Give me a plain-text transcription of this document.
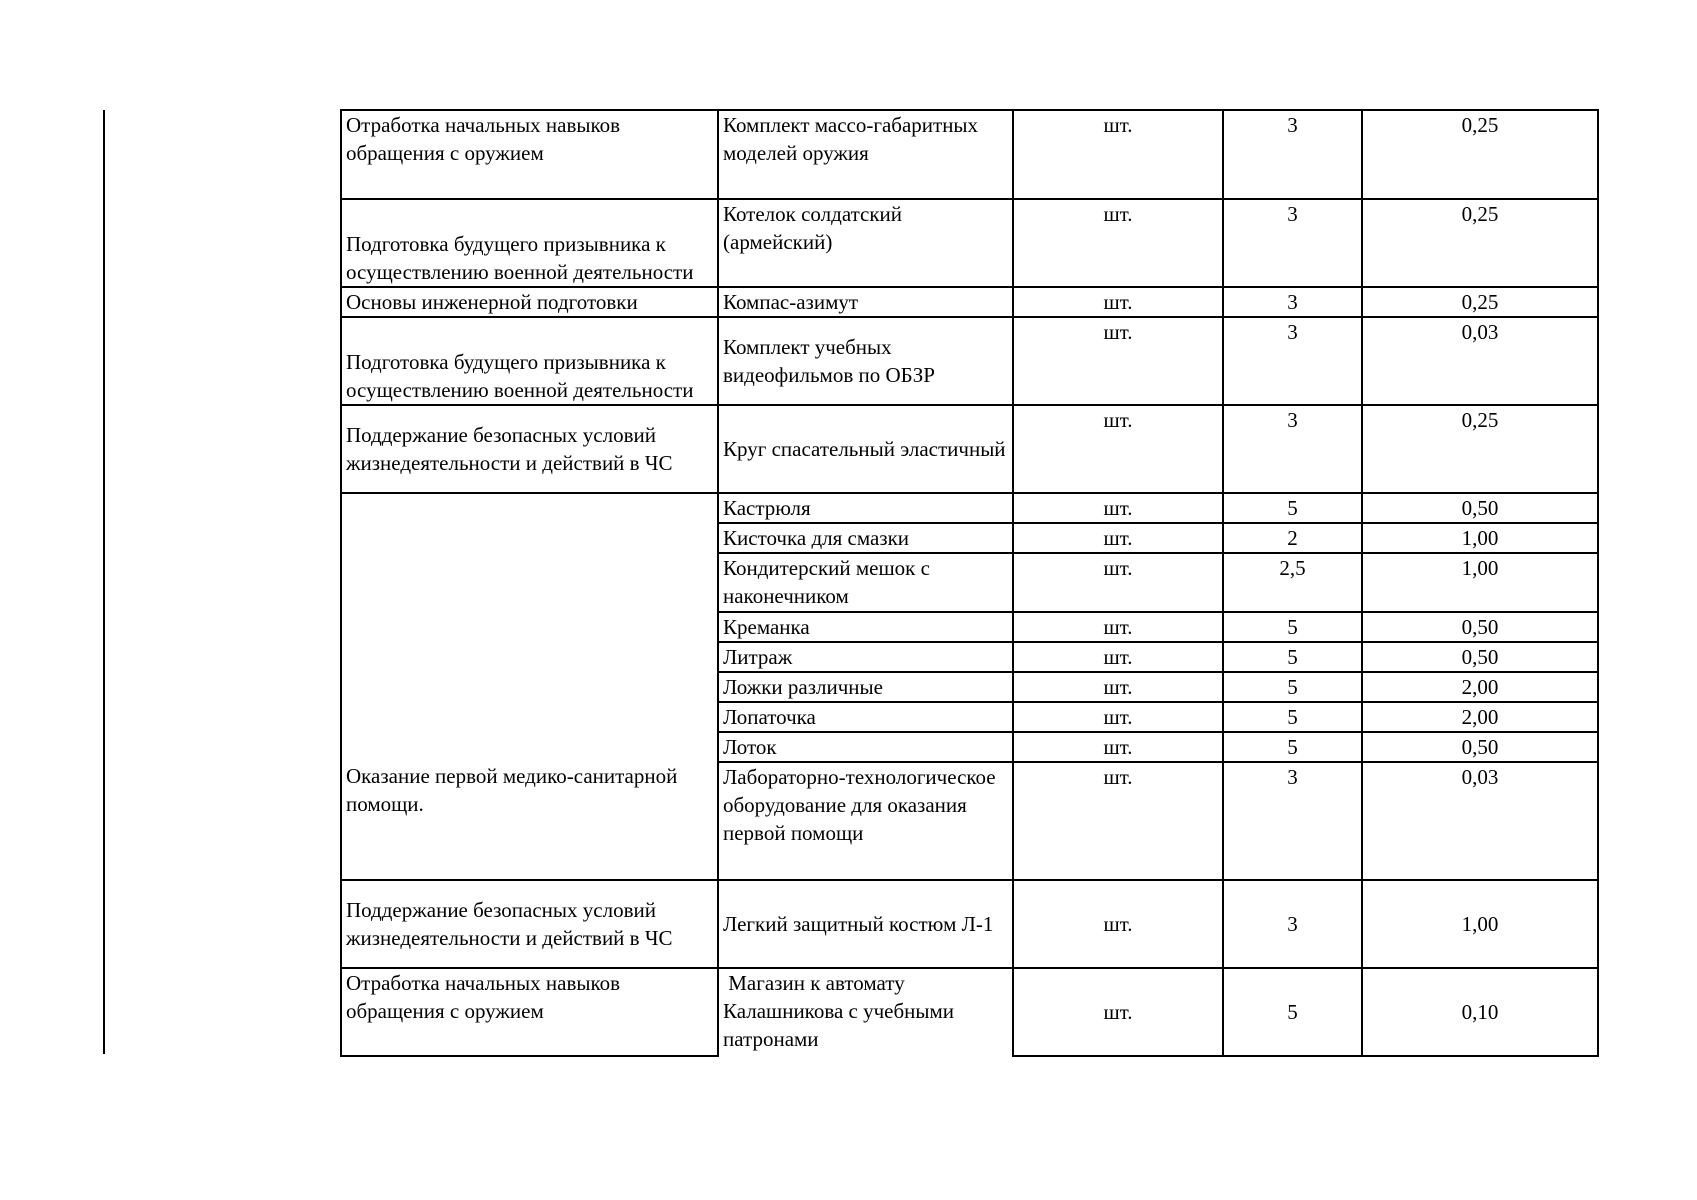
Отработка начальных навыков обращения с оружием	Комплект массо-габаритных моделей оружия	шт.	3	0,25
Подготовка будущего призывника к осуществлению военной деятельности	Котелок солдатский (армейский)	шт.	3	0,25
Основы инженерной подготовки	Компас-азимут	шт.	3	0,25
Подготовка будущего призывника к осуществлению военной деятельности	Комплект учебных видеофильмов по ОБЗР	шт.	3	0,03
Поддержание безопасных условий жизнедеятельности и действий в ЧС	Круг спасательный эластичный	шт.	3	0,25
Оказание первой медико-санитарной помощи.	Кастрюля	шт.	5	0,50
	Кисточка для смазки	шт.	2	1,00
	Кондитерский мешок с наконечником	шт.	2,5	1,00
	Креманка	шт.	5	0,50
	Литраж	шт.	5	0,50
	Ложки различные	шт.	5	2,00
	Лопаточка	шт.	5	2,00
	Лоток	шт.	5	0,50
	Лабораторно-технологическое оборудование для оказания первой помощи	шт.	3	0,03
Поддержание безопасных условий жизнедеятельности и действий в ЧС	Легкий защитный костюм Л-1	шт.	3	1,00
Отработка начальных навыков обращения с оружием	Магазин к автомату Калашникова с учебными патронами	шт.	5	0,10
